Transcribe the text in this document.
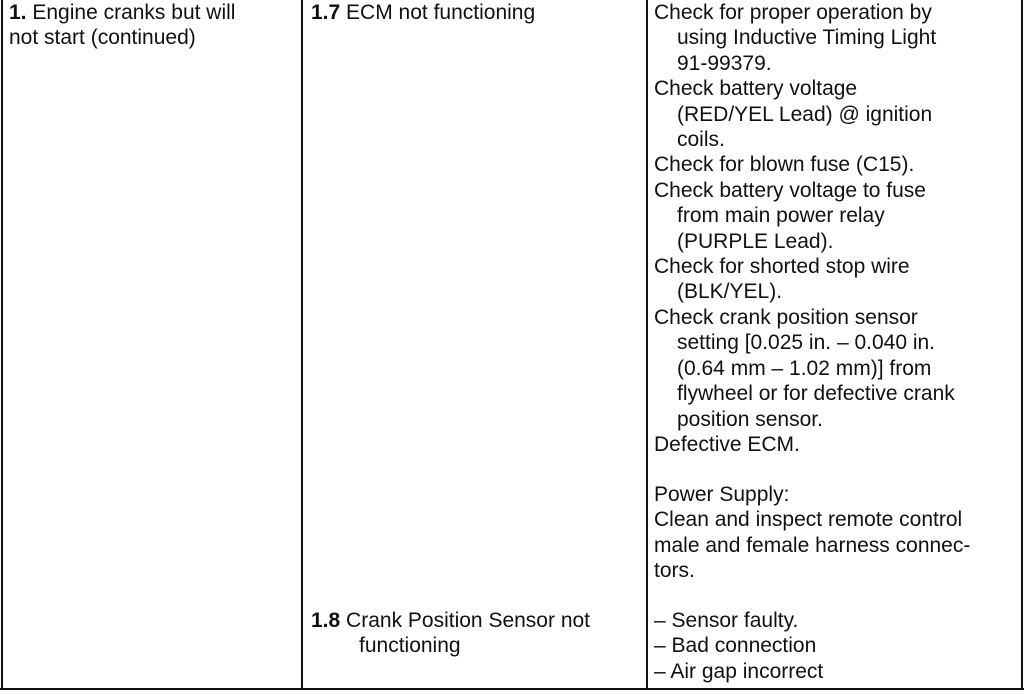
1. Engine cranks but will
not start (continued)
1.7 ECM not functioning
1.8 Crank Position Sensor not
functioning
Check for proper operation by
using Inductive Timing Light
91-99379.
Check battery voltage
(RED/YEL Lead) @ ignition
coils.
Check for blown fuse (C15).
Check battery voltage to fuse
from main power relay
(PURPLE Lead).
Check for shorted stop wire
(BLK/YEL).
Check crank position sensor
setting [0.025 in. – 0.040 in.
(0.64 mm – 1.02 mm)] from
flywheel or for defective crank
position sensor.
Defective ECM.
Power Supply:
Clean and inspect remote control
male and female harness connec-
tors.
– Sensor faulty.
– Bad connection
– Air gap incorrect
